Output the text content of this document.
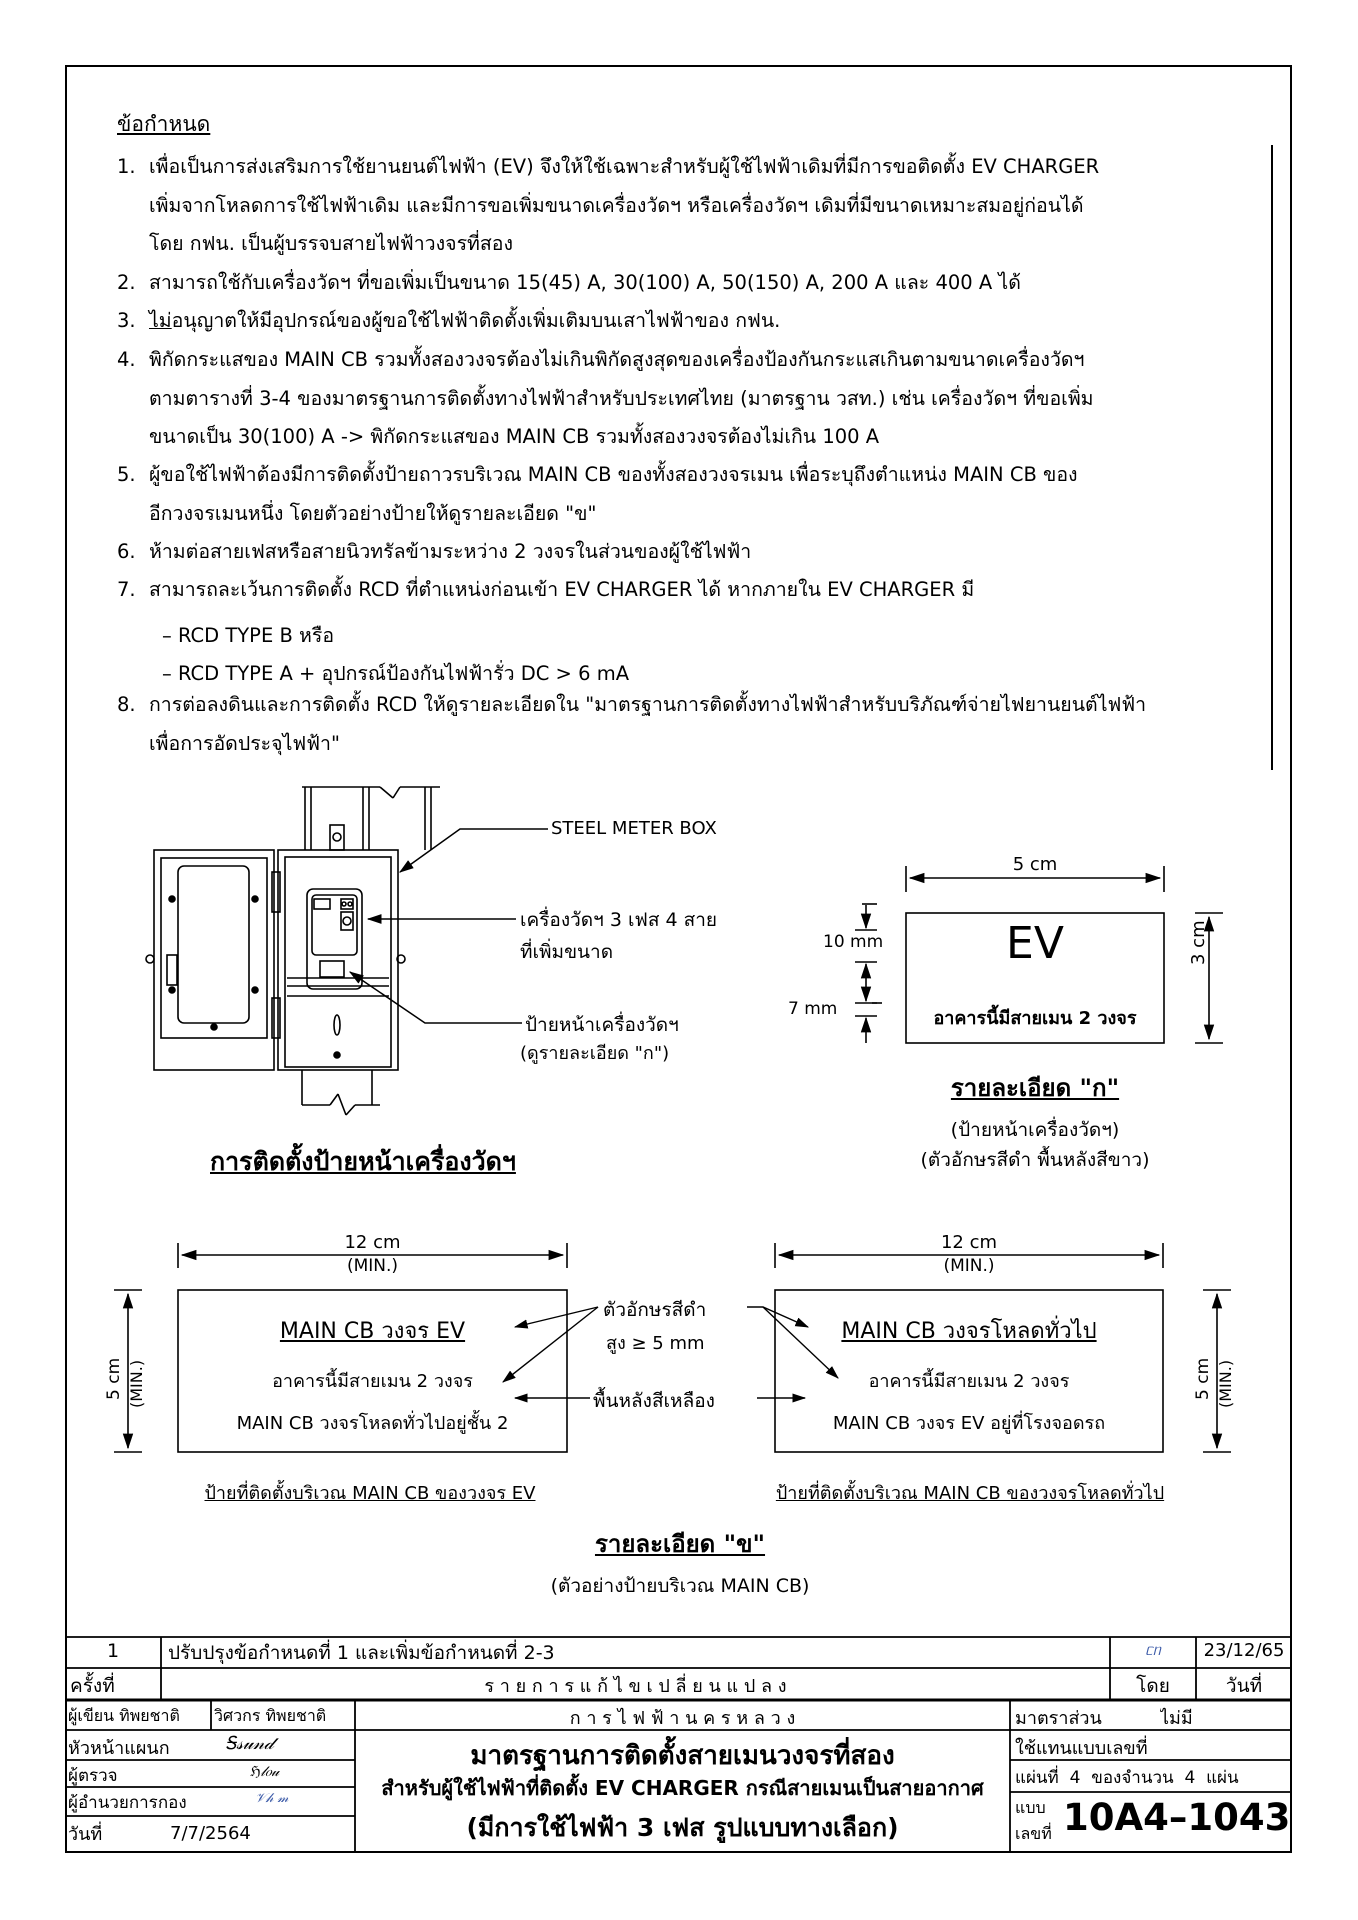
ข้อกำหนด
1. เพื่อเป็นการส่งเสริมการใช้ยานยนต์ไฟฟ้า (EV) จึงให้ใช้เฉพาะสำหรับผู้ใช้ไฟฟ้าเดิมที่มีการขอติดตั้ง EV CHARGER
เพิ่มจากโหลดการใช้ไฟฟ้าเดิม และมีการขอเพิ่มขนาดเครื่องวัดฯ หรือเครื่องวัดฯ เดิมที่มีขนาดเหมาะสมอยู่ก่อนได้
โดย กฟน. เป็นผู้บรรจบสายไฟฟ้าวงจรที่สอง
2. สามารถใช้กับเครื่องวัดฯ ที่ขอเพิ่มเป็นขนาด 15(45) A, 30(100) A, 50(150) A, 200 A และ 400 A ได้
3. ไม่อนุญาตให้มีอุปกรณ์ของผู้ขอใช้ไฟฟ้าติดตั้งเพิ่มเติมบนเสาไฟฟ้าของ กฟน.
4. พิกัดกระแสของ MAIN CB รวมทั้งสองวงจรต้องไม่เกินพิกัดสูงสุดของเครื่องป้องกันกระแสเกินตามขนาดเครื่องวัดฯ
ตามตารางที่ 3-4 ของมาตรฐานการติดตั้งทางไฟฟ้าสำหรับประเทศไทย (มาตรฐาน วสท.) เช่น เครื่องวัดฯ ที่ขอเพิ่ม
ขนาดเป็น 30(100) A -> พิกัดกระแสของ MAIN CB รวมทั้งสองวงจรต้องไม่เกิน 100 A
5. ผู้ขอใช้ไฟฟ้าต้องมีการติดตั้งป้ายถาวรบริเวณ MAIN CB ของทั้งสองวงจรเมน เพื่อระบุถึงตำแหน่ง MAIN CB ของ
อีกวงจรเมนหนึ่ง โดยตัวอย่างป้ายให้ดูรายละเอียด "ข"
6. ห้ามต่อสายเฟสหรือสายนิวทรัลข้ามระหว่าง 2 วงจรในส่วนของผู้ใช้ไฟฟ้า
7. สามารถละเว้นการติดตั้ง RCD ที่ตำแหน่งก่อนเข้า EV CHARGER ได้ หากภายใน EV CHARGER มี
– RCD TYPE B หรือ
– RCD TYPE A + อุปกรณ์ป้องกันไฟฟ้ารั่ว DC > 6 mA
8. การต่อลงดินและการติดตั้ง RCD ให้ดูรายละเอียดใน "มาตรฐานการติดตั้งทางไฟฟ้าสำหรับบริภัณฑ์จ่ายไฟยานยนต์ไฟฟ้า
เพื่อการอัดประจุไฟฟ้า"
STEEL METER BOX
เครื่องวัดฯ 3 เฟส 4 สาย
ที่เพิ่มขนาด
ป้ายหน้าเครื่องวัดฯ
(ดูรายละเอียด "ก")
การติดตั้งป้ายหน้าเครื่องวัดฯ
5 cm
10 mm
7 mm
EV
อาคารนี้มีสายเมน 2 วงจร
3 cm
รายละเอียด "ก"
(ป้ายหน้าเครื่องวัดฯ)
(ตัวอักษรสีดำ พื้นหลังสีขาว)
12 cm
(MIN.)
5 cm (MIN.)
MAIN CB วงจร EV
อาคารนี้มีสายเมน 2 วงจร
MAIN CB วงจรโหลดทั่วไปอยู่ชั้น 2
ป้ายที่ติดตั้งบริเวณ MAIN CB ของวงจร EV
ตัวอักษรสีดำ
สูง ≥ 5 mm
พื้นหลังสีเหลือง
12 cm
(MIN.)
5 cm (MIN.)
MAIN CB วงจรโหลดทั่วไป
อาคารนี้มีสายเมน 2 วงจร
MAIN CB วงจร EV อยู่ที่โรงจอดรถ
ป้ายที่ติดตั้งบริเวณ MAIN CB ของวงจรโหลดทั่วไป
รายละเอียด "ข"
(ตัวอย่างป้ายบริเวณ MAIN CB)
1	ปรับปรุงข้อกำหนดที่ 1 และเพิ่มข้อกำหนดที่ 2-3	ᥴᥒ	23/12/65
ครั้งที่	ร า ย ก า ร แ ก้ ไ ข เ ป ลี่ ย น แ ป ล ง	โดย	วันที่
ผู้เขียน ทิพยชาติ	วิศวกร ทิพยชาติ	ก า ร ไ ฟ ฟ้ า น ค ร ห ล ว ง	มาตราส่วน	ไม่มี
หัวหน้าแผนก	Ꭶ𝓈𝓊𝓃𝒹
ผู้ตรวจ	ℌ𝓁𝑜𝓊
ผู้อำนวยการกอง	𝒱𝒽 𝓂
วันที่	7/7/2564
มาตรฐานการติดตั้งสายเมนวงจรที่สอง
สำหรับผู้ใช้ไฟฟ้าที่ติดตั้ง EV CHARGER กรณีสายเมนเป็นสายอากาศ
(มีการใช้ไฟฟ้า 3 เฟส รูปแบบทางเลือก)
ใช้แทนแบบเลขที่
แผ่นที่ 4 ของจำนวน 4 แผ่น
แบบ
เลขที่ 10A4–1043
